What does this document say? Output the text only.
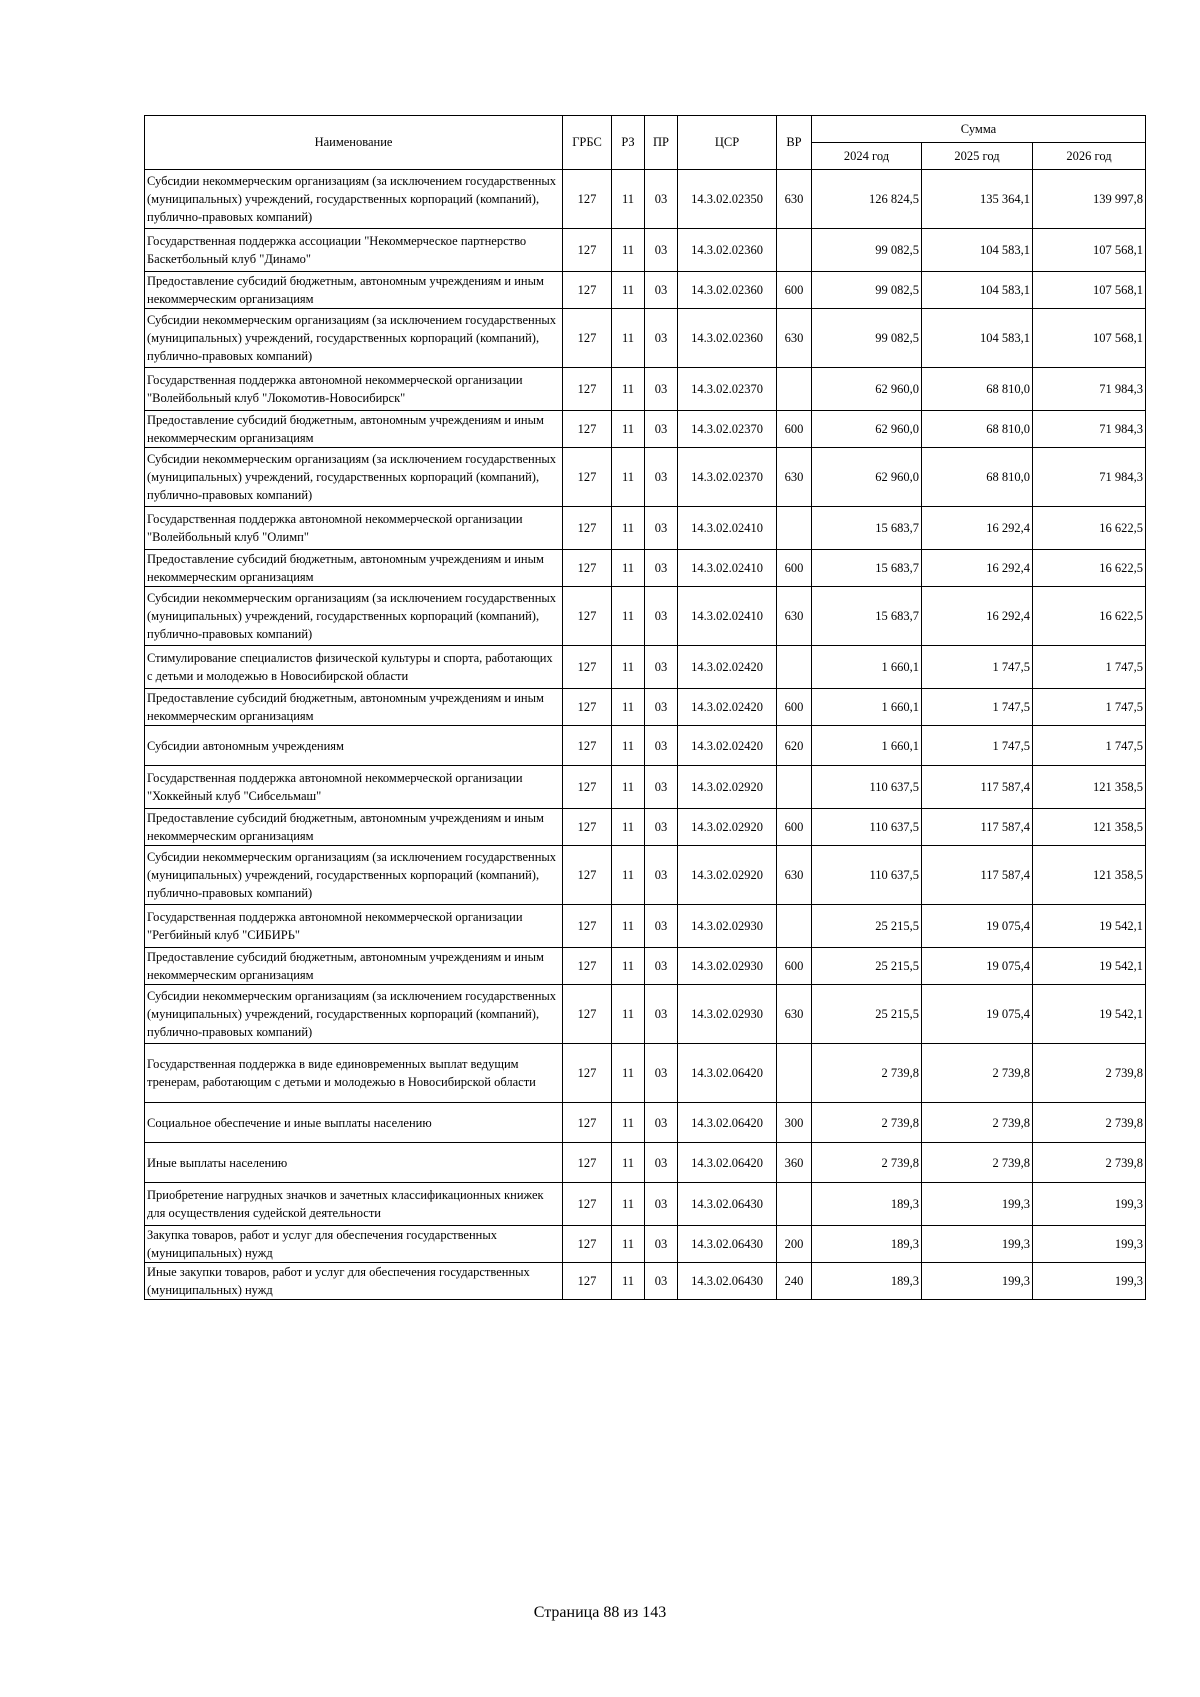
Наименование	ГРБС	РЗ	ПР	ЦСР	ВР	Сумма		
						2024 год	2025 год	2026 год
Субсидии некоммерческим организациям (за исключением государственных (муниципальных) учреждений, государственных корпораций (компаний), публично-правовых компаний)	127	11	03	14.3.02.02350	630	126 824,5	135 364,1	139 997,8
Государственная поддержка ассоциации "Некоммерческое партнерство Баскетбольный клуб "Динамо"	127	11	03	14.3.02.02360		99 082,5	104 583,1	107 568,1
Предоставление субсидий бюджетным, автономным учреждениям и иным некоммерческим организациям	127	11	03	14.3.02.02360	600	99 082,5	104 583,1	107 568,1
Субсидии некоммерческим организациям (за исключением государственных (муниципальных) учреждений, государственных корпораций (компаний), публично-правовых компаний)	127	11	03	14.3.02.02360	630	99 082,5	104 583,1	107 568,1
Государственная поддержка автономной некоммерческой организации "Волейбольный клуб "Локомотив-Новосибирск"	127	11	03	14.3.02.02370		62 960,0	68 810,0	71 984,3
Предоставление субсидий бюджетным, автономным учреждениям и иным некоммерческим организациям	127	11	03	14.3.02.02370	600	62 960,0	68 810,0	71 984,3
Субсидии некоммерческим организациям (за исключением государственных (муниципальных) учреждений, государственных корпораций (компаний), публично-правовых компаний)	127	11	03	14.3.02.02370	630	62 960,0	68 810,0	71 984,3
Государственная поддержка автономной некоммерческой организации "Волейбольный клуб "Олимп"	127	11	03	14.3.02.02410		15 683,7	16 292,4	16 622,5
Предоставление субсидий бюджетным, автономным учреждениям и иным некоммерческим организациям	127	11	03	14.3.02.02410	600	15 683,7	16 292,4	16 622,5
Субсидии некоммерческим организациям (за исключением государственных (муниципальных) учреждений, государственных корпораций (компаний), публично-правовых компаний)	127	11	03	14.3.02.02410	630	15 683,7	16 292,4	16 622,5
Стимулирование специалистов физической культуры и спорта, работающих с детьми и молодежью в Новосибирской области	127	11	03	14.3.02.02420		1 660,1	1 747,5	1 747,5
Предоставление субсидий бюджетным, автономным учреждениям и иным некоммерческим организациям	127	11	03	14.3.02.02420	600	1 660,1	1 747,5	1 747,5
Субсидии автономным учреждениям	127	11	03	14.3.02.02420	620	1 660,1	1 747,5	1 747,5
Государственная поддержка автономной некоммерческой организации "Хоккейный клуб "Сибсельмаш"	127	11	03	14.3.02.02920		110 637,5	117 587,4	121 358,5
Предоставление субсидий бюджетным, автономным учреждениям и иным некоммерческим организациям	127	11	03	14.3.02.02920	600	110 637,5	117 587,4	121 358,5
Субсидии некоммерческим организациям (за исключением государственных (муниципальных) учреждений, государственных корпораций (компаний), публично-правовых компаний)	127	11	03	14.3.02.02920	630	110 637,5	117 587,4	121 358,5
Государственная поддержка автономной некоммерческой организации "Регбийный клуб "СИБИРЬ"	127	11	03	14.3.02.02930		25 215,5	19 075,4	19 542,1
Предоставление субсидий бюджетным, автономным учреждениям и иным некоммерческим организациям	127	11	03	14.3.02.02930	600	25 215,5	19 075,4	19 542,1
Субсидии некоммерческим организациям (за исключением государственных (муниципальных) учреждений, государственных корпораций (компаний), публично-правовых компаний)	127	11	03	14.3.02.02930	630	25 215,5	19 075,4	19 542,1
Государственная поддержка в виде единовременных выплат ведущим тренерам, работающим с детьми и молодежью в Новосибирской области	127	11	03	14.3.02.06420		2 739,8	2 739,8	2 739,8
Социальное обеспечение и иные выплаты населению	127	11	03	14.3.02.06420	300	2 739,8	2 739,8	2 739,8
Иные выплаты населению	127	11	03	14.3.02.06420	360	2 739,8	2 739,8	2 739,8
Приобретение нагрудных значков и зачетных классификационных книжек для осуществления судейской деятельности	127	11	03	14.3.02.06430		189,3	199,3	199,3
Закупка товаров, работ и услуг для обеспечения государственных (муниципальных) нужд	127	11	03	14.3.02.06430	200	189,3	199,3	199,3
Иные закупки товаров, работ и услуг для обеспечения государственных (муниципальных) нужд	127	11	03	14.3.02.06430	240	189,3	199,3	199,3
Страница 88 из 143
